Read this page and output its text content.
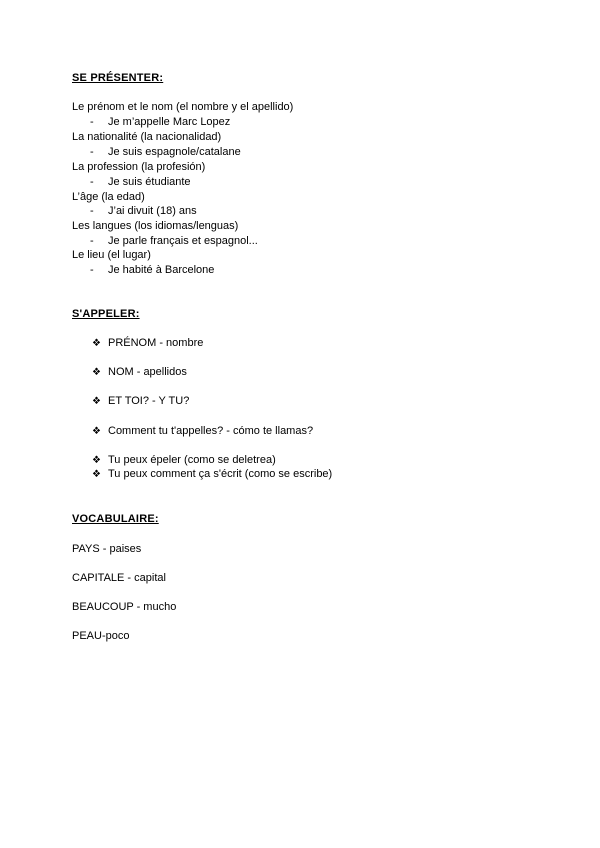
SE PRÉSENTER:
Le prénom et le nom (el nombre y el apellido)
- Je m’appelle Marc Lopez
La nationalité (la nacionalidad)
- Je suis espagnole/catalane
La profession (la profesión)
- Je suis étudiante
L’âge (la edad)
- J’ai divuit (18) ans
Les langues (los idiomas/lenguas)
- Je parle français et espagnol...
Le lieu (el lugar)
- Je habité à Barcelone
S'APPELER:
❖ PRÉNOM - nombre
❖ NOM - apellidos
❖ ET TOI? - Y TU?
❖ Comment tu t'appelles? - cómo te llamas?
❖ Tu peux épeler (como se deletrea)
❖ Tu peux comment ça s'écrit (como se escribe)
VOCABULAIRE:
PAYS - paises
CAPITALE - capital
BEAUCOUP - mucho
PEAU-poco
